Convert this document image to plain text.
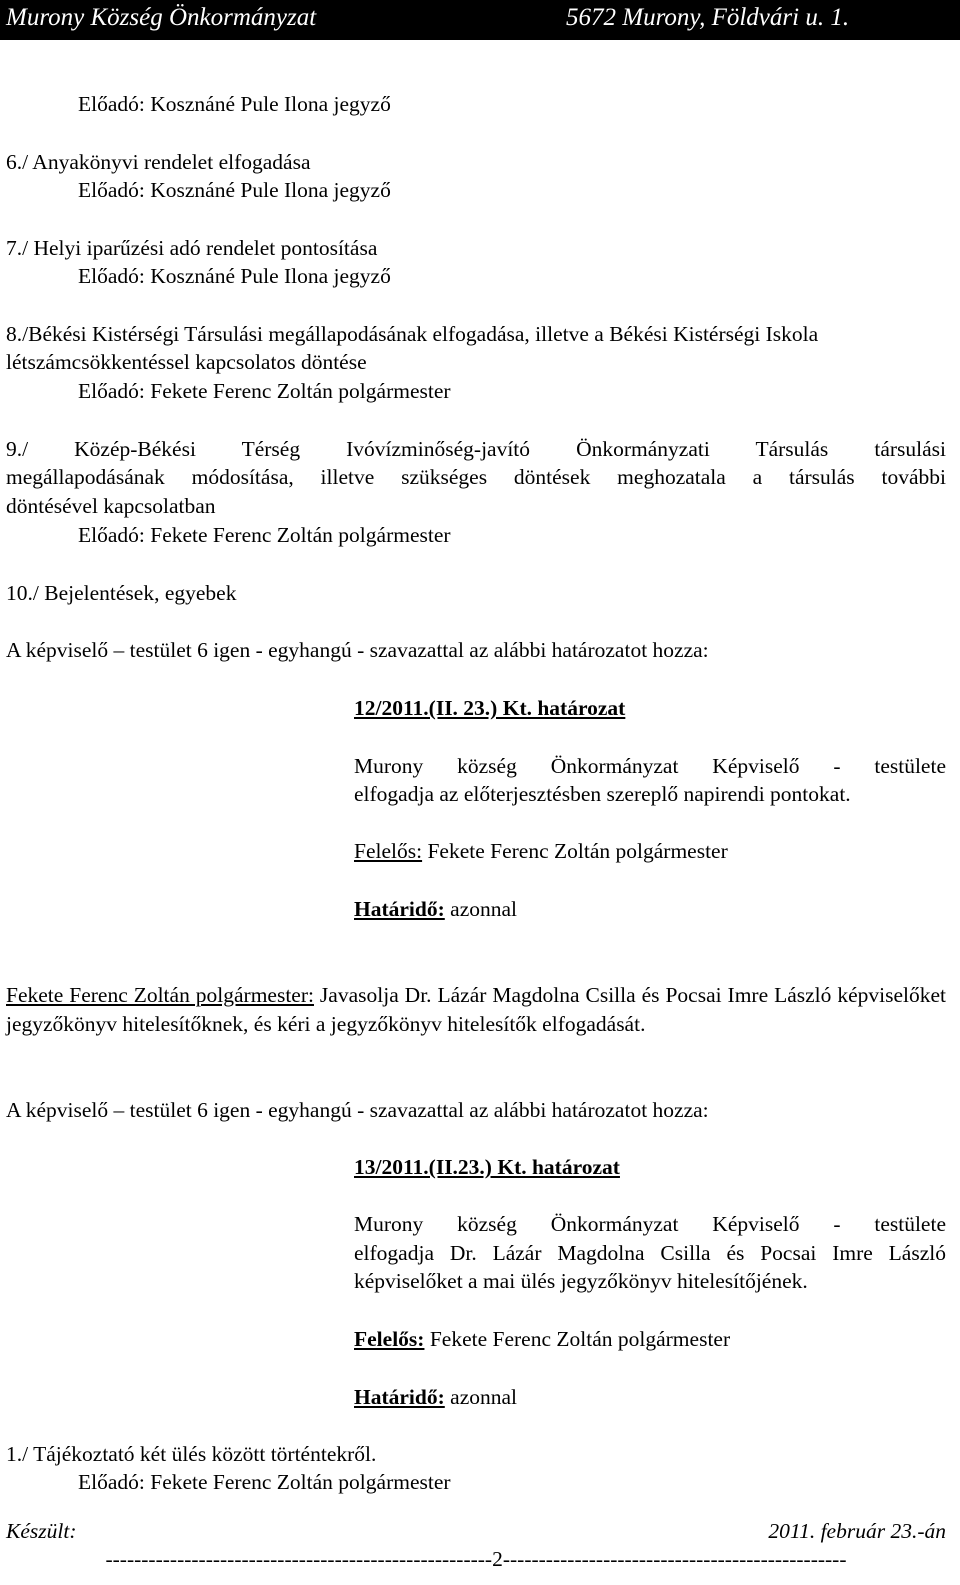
Murony Község Önkormányzat	5672 Murony, Földvári u. 1.
Előadó: Kosznáné Pule Ilona jegyző
6./ Anyakönyvi rendelet elfogadása
Előadó: Kosznáné Pule Ilona jegyző
7./ Helyi iparűzési adó rendelet pontosítása
Előadó: Kosznáné Pule Ilona jegyző
8./Békési Kistérségi Társulási megállapodásának elfogadása, illetve a Békési Kistérségi Iskola
létszámcsökkentéssel kapcsolatos döntése
Előadó: Fekete Ferenc Zoltán polgármester
9./ Közép-Békési Térség Ivóvízminőség-javító Önkormányzati Társulás társulási
megállapodásának módosítása, illetve szükséges döntések meghozatala a társulás további
döntésével kapcsolatban
Előadó: Fekete Ferenc Zoltán polgármester
10./ Bejelentések, egyebek
A képviselő – testület 6 igen - egyhangú - szavazattal az alábbi határozatot hozza:
12/2011.(II. 23.) Kt. határozat
Murony község Önkormányzat Képviselő - testülete
elfogadja az előterjesztésben szereplő napirendi pontokat.
Felelős: Fekete Ferenc Zoltán polgármester
Határidő: azonnal
Fekete Ferenc Zoltán polgármester: Javasolja Dr. Lázár Magdolna Csilla és Pocsai Imre László képviselőket jegyzőkönyv hitelesítőknek, és kéri a jegyzőkönyv hitelesítők elfogadását.
A képviselő – testület 6 igen - egyhangú - szavazattal az alábbi határozatot hozza:
13/2011.(II.23.) Kt. határozat
Murony község Önkormányzat Képviselő - testülete
elfogadja Dr. Lázár Magdolna Csilla és Pocsai Imre László
képviselőket a mai ülés jegyzőkönyv hitelesítőjének.
Felelős: Fekete Ferenc Zoltán polgármester
Határidő: azonnal
1./ Tájékoztató két ülés között történtekről.
Előadó: Fekete Ferenc Zoltán polgármester
Készült:	2011. február 23.-án
------------------------------------------------------2------------------------------------------------
